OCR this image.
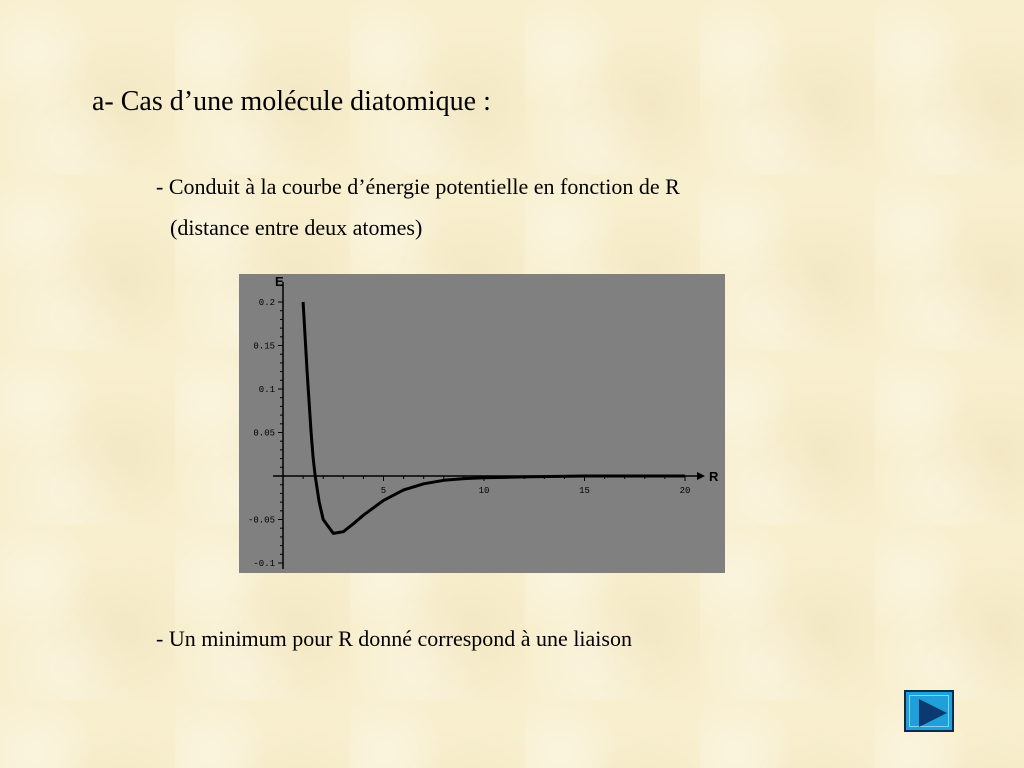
a- Cas d’une molécule diatomique :
- Conduit à la courbe d’énergie potentielle en fonction de R
(distance entre deux atomes)
R
E
5	10	15	20
0.2
0.15
0.1
0.05
-0.05
-0.1
- Un minimum pour R donné correspond à une liaison
